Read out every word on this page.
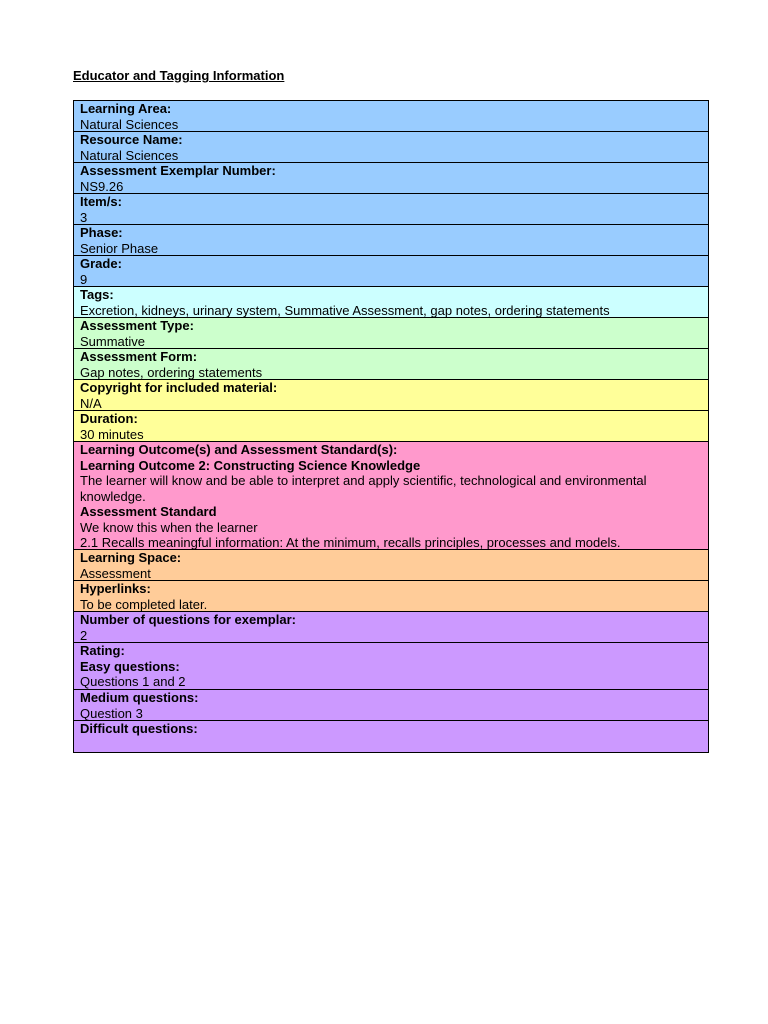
Educator and Tagging Information
Learning Area:
Natural Sciences
Resource Name:
Natural Sciences
Assessment Exemplar Number:
NS9.26
Item/s:
3
Phase:
Senior Phase
Grade:
9
Tags:
Excretion, kidneys, urinary system, Summative Assessment, gap notes, ordering statements
Assessment Type:
Summative
Assessment Form:
Gap notes, ordering statements
Copyright for included material:
N/A
Duration:
30 minutes
Learning Outcome(s) and Assessment Standard(s):
Learning Outcome 2: Constructing Science Knowledge
The learner will know and be able to interpret and apply scientific, technological and environmental knowledge.
Assessment Standard
We know this when the learner
2.1 Recalls meaningful information: At the minimum, recalls principles, processes and models.
Learning Space:
Assessment
Hyperlinks:
To be completed later.
Number of questions for exemplar:
2
Rating:
Easy questions:
Questions 1 and 2
Medium questions:
Question 3
Difficult questions:
